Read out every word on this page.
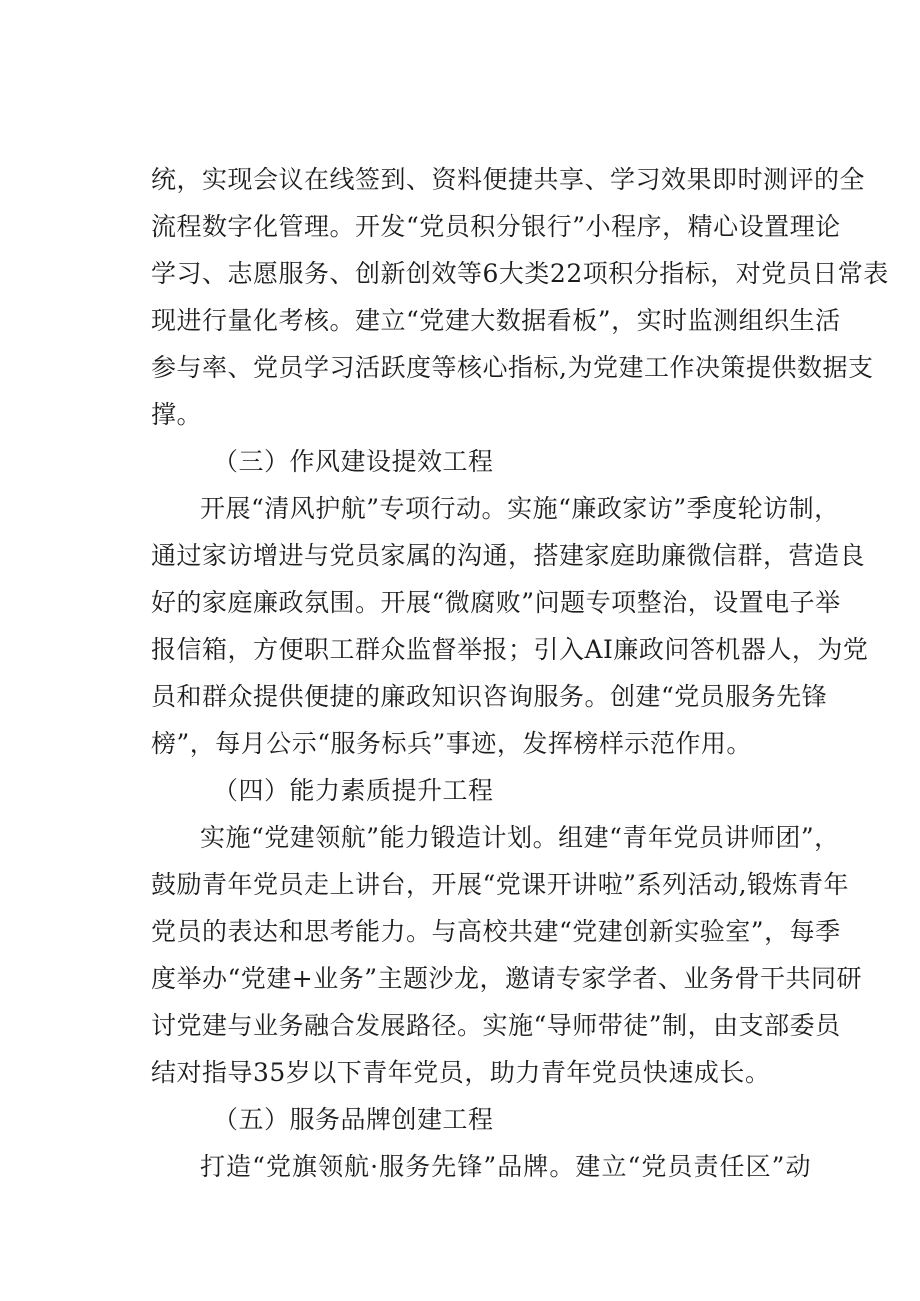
统，实现会议在线签到、资料便捷共享、学习效果即时测评的全

流程数字化管理。开发“党员积分银行”小程序，精心设置理论

学习、志愿服务、创新创效等6大类22项积分指标，对党员日常表

现进行量化考核。建立“党建大数据看板”，实时监测组织生活

参与率、党员学习活跃度等核心指标,为党建工作决策提供数据支

撑。

（三）作风建设提效工程

开展“清风护航”专项行动。实施“廉政家访”季度轮访制，

通过家访增进与党员家属的沟通，搭建家庭助廉微信群，营造良

好的家庭廉政氛围。开展“微腐败”问题专项整治，设置电子举

报信箱，方便职工群众监督举报；引入AI廉政问答机器人，为党

员和群众提供便捷的廉政知识咨询服务。创建“党员服务先锋

榜”，每月公示“服务标兵”事迹，发挥榜样示范作用。

（四）能力素质提升工程

实施“党建领航”能力锻造计划。组建“青年党员讲师团”，

鼓励青年党员走上讲台，开展“党课开讲啦”系列活动,锻炼青年

党员的表达和思考能力。与高校共建“党建创新实验室”，每季

度举办“党建+业务”主题沙龙，邀请专家学者、业务骨干共同研

讨党建与业务融合发展路径。实施“导师带徒”制，由支部委员

结对指导35岁以下青年党员，助力青年党员快速成长。

（五）服务品牌创建工程

打造“党旗领航·服务先锋”品牌。建立“党员责任区”动
